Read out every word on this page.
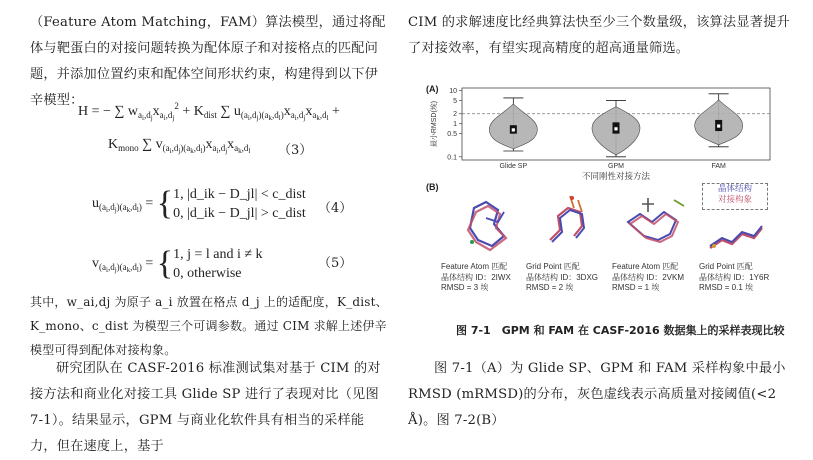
（Feature Atom Matching，FAM）算法模型，通过将配体与靶蛋白的对接问题转换为配体原子和对接格点的匹配问题，并添加位置约束和配体空间形状约束，构建得到以下伊辛模型：
H = − ∑ $w_{a_i,d_j}x_{a_i,d_j}^2 + K_{dist}$ ∑ $u_{(a_i,d_j)(a_k,d_l)}x_{a_i,d_j}x_{a_k,d_l}$ +
$K_{mono}$ ∑ $v_{(a_i,d_j)(a_k,d_l)}x_{a_i,d_j}x_{a_k,d_l}$ （3）
$u_{(a_i,d_j)(a_k,d_l)} = \{1$, |d_ik − D_jl| < c_dist
0, |d_ik − D_jl| > c_dist （4）
$v_{(a_i,d_j)(a_k,d_l)} = \{1$, j = l and i ≠ k
0, otherwise
（5）
其中，w_ai,dj 为原子 a_i 放置在格点 d_j 上的适配度，K_dist、K_mono、c_dist 为模型三个可调参数。通过 CIM 求解上述伊辛模型可得到配体对接构象。
研究团队在 CASF-2016 标准测试集对基于 CIM 的对接方法和商业化对接工具 Glide SP 进行了表现对比（见图 7-1）。结果显示，GPM 与商业化软件具有相当的采样能力，但在速度上，基于
CIM 的求解速度比经典算法快至少三个数量级，该算法显著提升了对接效率，有望实现高精度的超高通量筛选。
(A)
(B)
0.1
0.5
1
2
5
10
最小RMSD(埃)
Glide SP	GPM	FAM
不同刚性对接方法
晶体结构
对接构象
Feature Atom 匹配
晶体结构 ID：2IWX
RMSD = 3 埃
Grid Point 匹配
晶体结构 ID：3DXG
RMSD = 2 埃
Feature Atom 匹配
晶体结构 ID：2VKM
RMSD = 1 埃
Grid Point 匹配
晶体结构 ID：1Y6R
RMSD = 0.1 埃
图 7-1　GPM 和 FAM 在 CASF-2016 数据集上的采样表现比较
图 7-1（A）为 Glide SP、GPM 和 FAM 采样构象中最小 RMSD (mRMSD)的分布，灰色虚线表示高质量对接阈值(<2 Å)。图 7-2(B）
